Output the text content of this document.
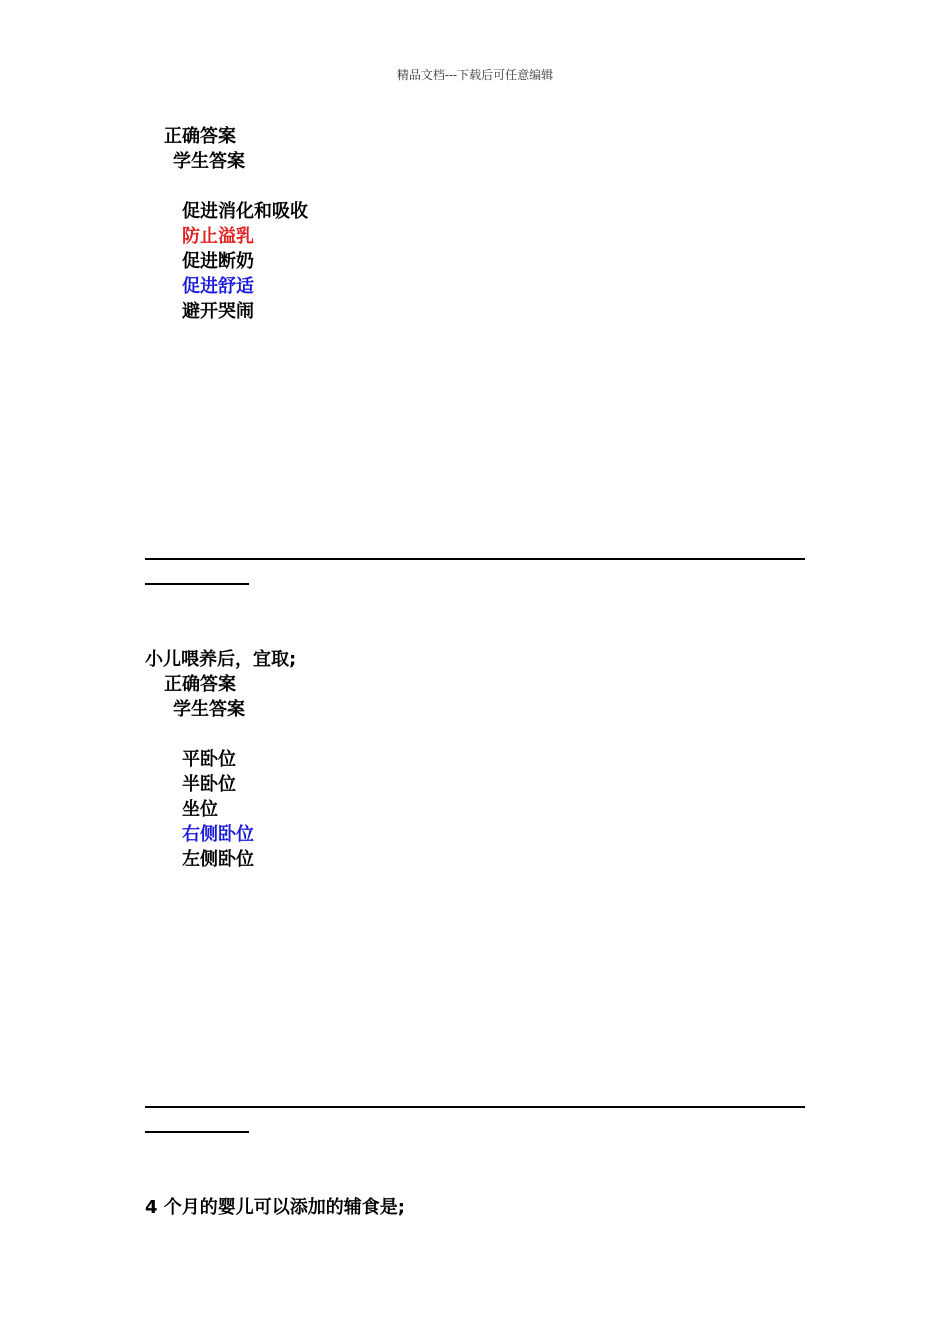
精品文档---下载后可任意编辑
正确答案
学生答案
促进消化和吸收
防止溢乳
促进断奶
促进舒适
避开哭闹
小儿喂养后，宜取;
正确答案
学生答案
平卧位
半卧位
坐位
右侧卧位
左侧卧位
4 个月的婴儿可以添加的辅食是;
